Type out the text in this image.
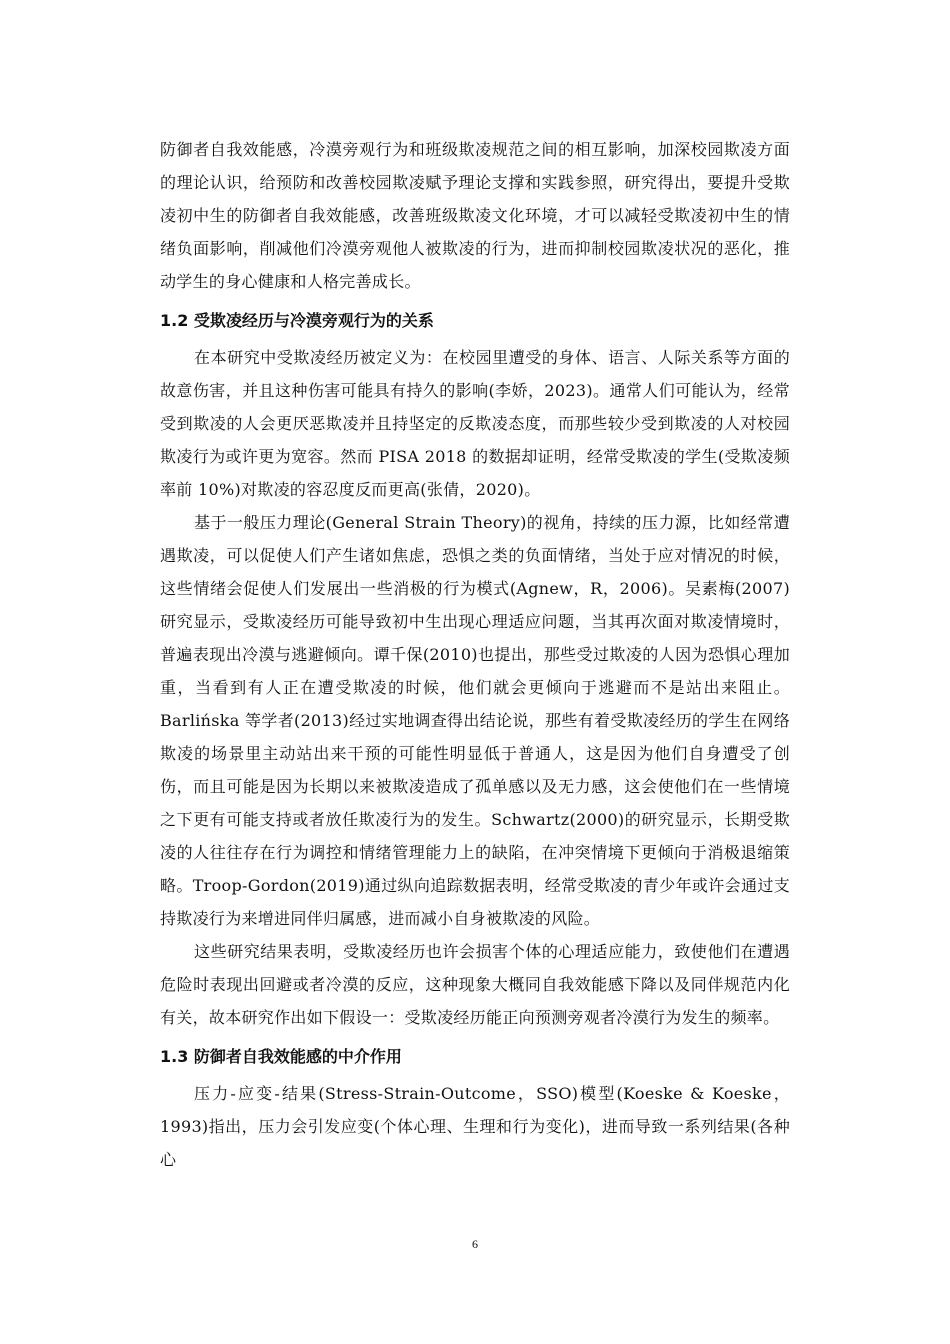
防御者自我效能感，冷漠旁观行为和班级欺凌规范之间的相互影响，加深校园欺凌方面的理论认识，给预防和改善校园欺凌赋予理论支撑和实践参照，研究得出，要提升受欺凌初中生的防御者自我效能感，改善班级欺凌文化环境，才可以减轻受欺凌初中生的情绪负面影响，削减他们冷漠旁观他人被欺凌的行为，进而抑制校园欺凌状况的恶化，推动学生的身心健康和人格完善成长。

1.2 受欺凌经历与冷漠旁观行为的关系

在本研究中受欺凌经历被定义为：在校园里遭受的身体、语言、人际关系等方面的故意伤害，并且这种伤害可能具有持久的影响(李娇，2023)。通常人们可能认为，经常受到欺凌的人会更厌恶欺凌并且持坚定的反欺凌态度，而那些较少受到欺凌的人对校园欺凌行为或许更为宽容。然而 PISA 2018 的数据却证明，经常受欺凌的学生(受欺凌频率前 10%)对欺凌的容忍度反而更高(张倩，2020)。

基于一般压力理论(General Strain Theory)的视角，持续的压力源，比如经常遭遇欺凌，可以促使人们产生诸如焦虑，恐惧之类的负面情绪，当处于应对情况的时候，这些情绪会促使人们发展出一些消极的行为模式(Agnew，R，2006)。吴素梅(2007)研究显示，受欺凌经历可能导致初中生出现心理适应问题，当其再次面对欺凌情境时，普遍表现出冷漠与逃避倾向。谭千保(2010)也提出，那些受过欺凌的人因为恐惧心理加重，当看到有人正在遭受欺凌的时候，他们就会更倾向于逃避而不是站出来阻止。Barlińska 等学者(2013)经过实地调查得出结论说，那些有着受欺凌经历的学生在网络欺凌的场景里主动站出来干预的可能性明显低于普通人，这是因为他们自身遭受了创伤，而且可能是因为长期以来被欺凌造成了孤单感以及无力感，这会使他们在一些情境之下更有可能支持或者放任欺凌行为的发生。Schwartz(2000)的研究显示，长期受欺凌的人往往存在行为调控和情绪管理能力上的缺陷，在冲突情境下更倾向于消极退缩策略。Troop-Gordon(2019)通过纵向追踪数据表明，经常受欺凌的青少年或许会通过支持欺凌行为来增进同伴归属感，进而减小自身被欺凌的风险。

这些研究结果表明，受欺凌经历也许会损害个体的心理适应能力，致使他们在遭遇危险时表现出回避或者冷漠的反应，这种现象大概同自我效能感下降以及同伴规范内化有关，故本研究作出如下假设一：受欺凌经历能正向预测旁观者冷漠行为发生的频率。

1.3 防御者自我效能感的中介作用

压力-应变-结果(Stress-Strain-Outcome，SSO)模型(Koeske & Koeske，1993)指出，压力会引发应变(个体心理、生理和行为变化)，进而导致一系列结果(各种心

6
